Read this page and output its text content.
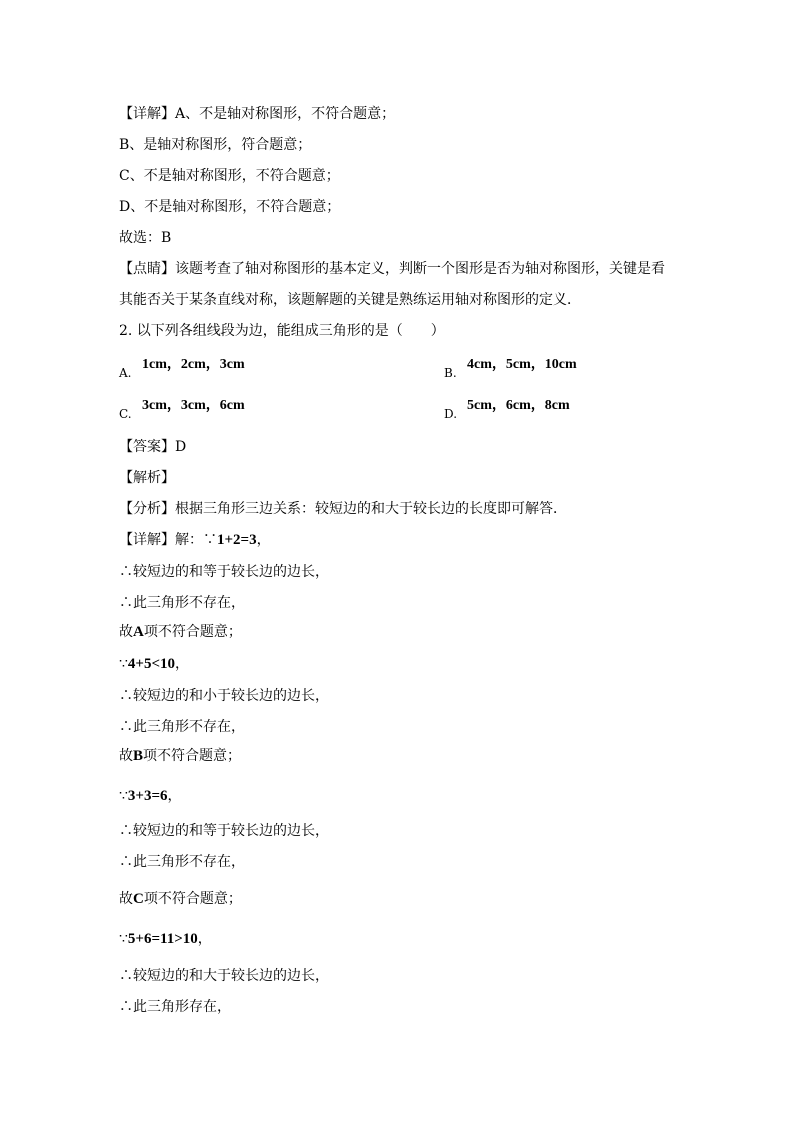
【详解】A、不是轴对称图形，不符合题意；
B、是轴对称图形，符合题意；
C、不是轴对称图形，不符合题意；
D、不是轴对称图形，不符合题意；
故选：B
【点睛】该题考查了轴对称图形的基本定义，判断一个图形是否为轴对称图形，关键是看其能否关于某条直线对称，该题解题的关键是熟练运用轴对称图形的定义．
2. 以下列各组线段为边，能组成三角形的是（　　）
A.
1cm，2cm，3cm
B.
4cm，5cm，10cm
C.
3cm，3cm，6cm
D.
5cm，6cm，8cm
【答案】D
【解析】
【分析】根据三角形三边关系：较短边的和大于较长边的长度即可解答．
【详解】解：∵1+2=3，
∴较短边的和等于较长边的边长，
∴此三角形不存在，
故A项不符合题意；
∵4+5<10，
∴较短边的和小于较长边的边长，
∴此三角形不存在，
故B项不符合题意；
∵3+3=6，
∴较短边的和等于较长边的边长，
∴此三角形不存在，
故C项不符合题意；
∵5+6=11>10，
∴较短边的和大于较长边的边长，
∴此三角形存在，
